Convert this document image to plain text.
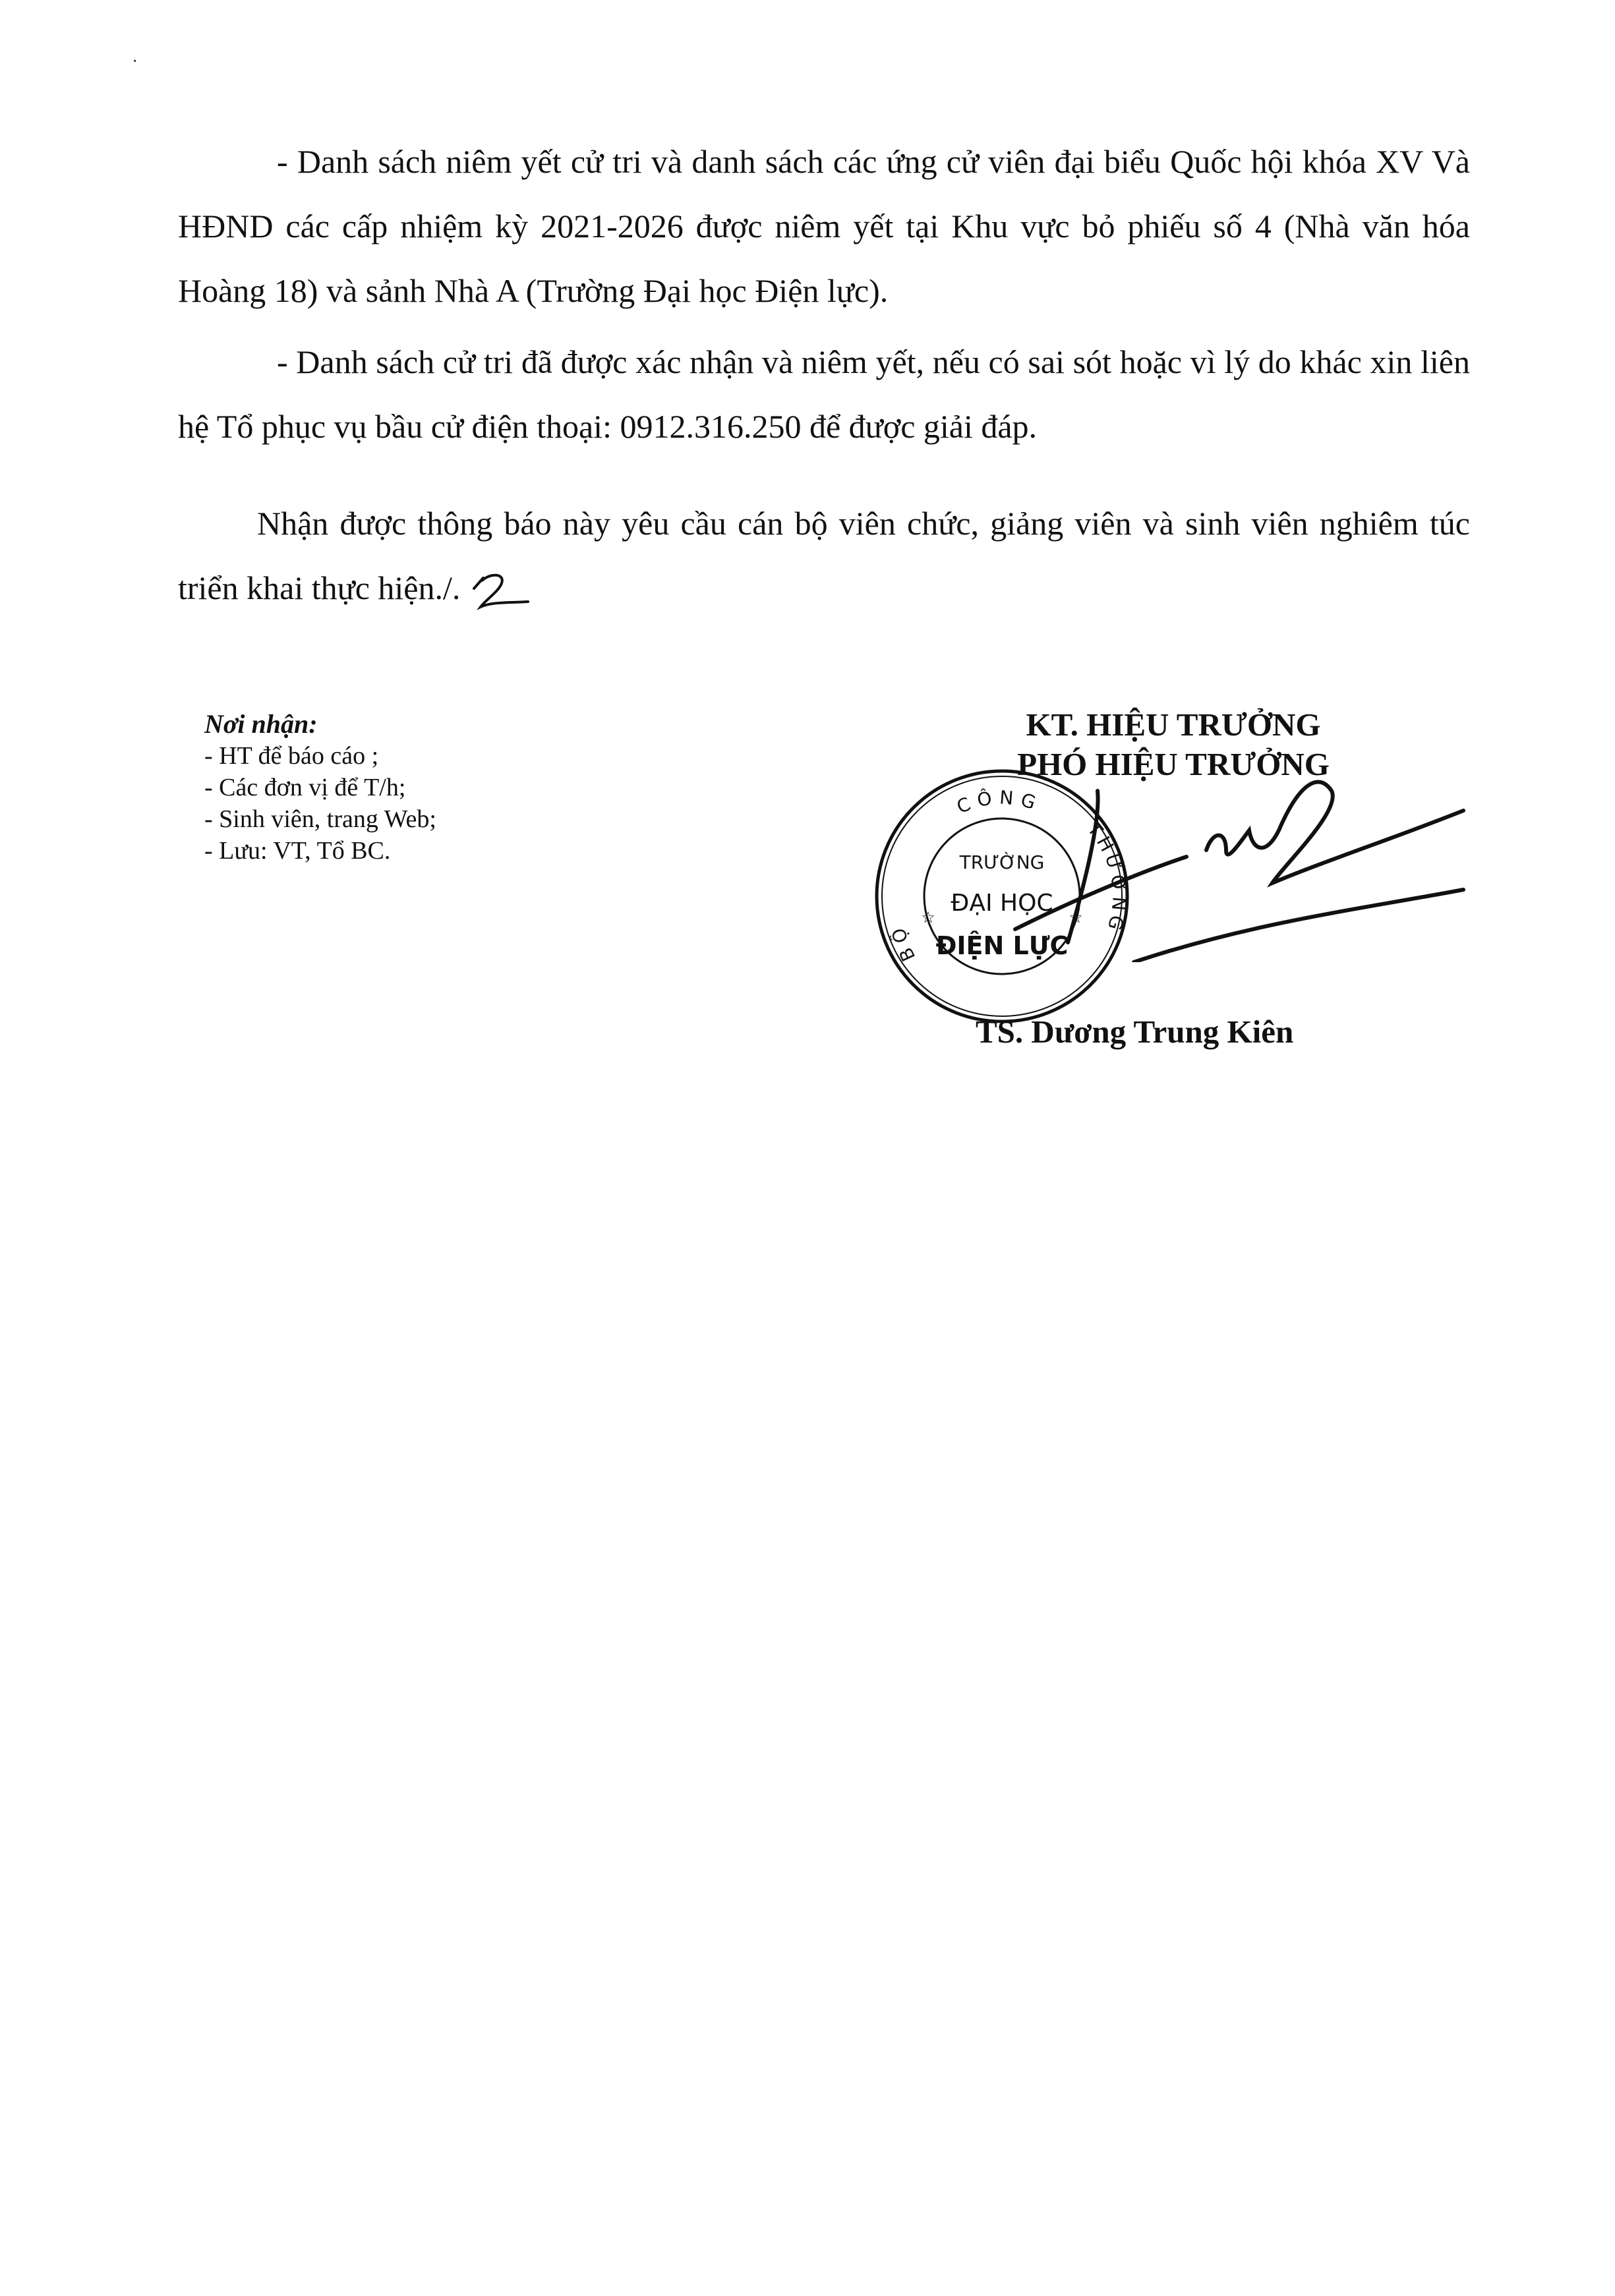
·
- Danh sách niêm yết cử tri và danh sách các ứng cử viên đại biểu Quốc hội khóa XV Và HĐND các cấp nhiệm kỳ 2021-2026 được niêm yết tại Khu vực bỏ phiếu số 4 (Nhà văn hóa Hoàng 18) và sảnh Nhà A (Trường Đại học Điện lực).
- Danh sách cử tri đã được xác nhận và niêm yết, nếu có sai sót hoặc vì lý do khác xin liên hệ Tổ phục vụ bầu cử điện thoại: 0912.316.250 để được giải đáp.
Nhận được thông báo này yêu cầu cán bộ viên chức, giảng viên và sinh viên nghiêm túc triển khai thực hiện./.
Nơi nhận:
- HT để báo cáo ;
- Các đơn vị để T/h;
- Sinh viên, trang Web;
- Lưu: VT, Tổ BC.
KT. HIỆU TRƯỞNG
PHÓ HIỆU TRƯỞNG
CÔNG
BỘ
THƯƠNG
TRƯỜNG
ĐẠI HỌC
ĐIỆN LỰC
☆	☆
TS. Dương Trung Kiên
